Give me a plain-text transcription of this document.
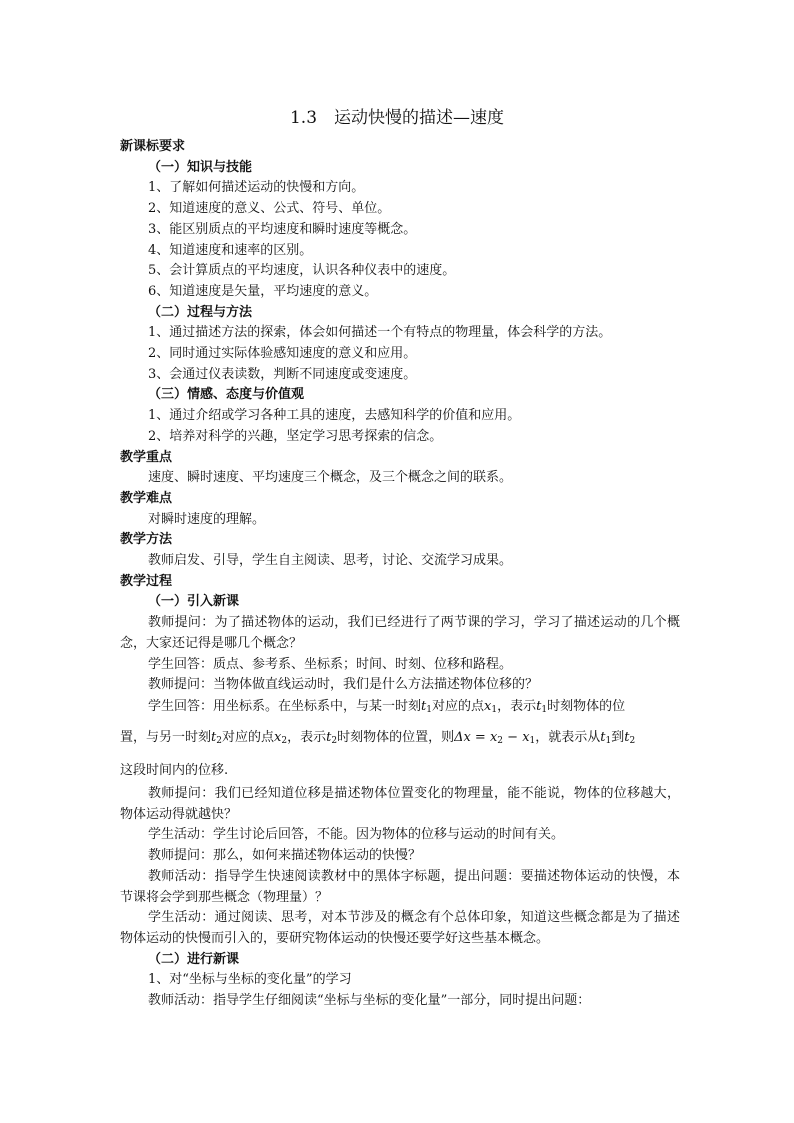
1.3　运动快慢的描述—速度
新课标要求
（一）知识与技能
1、了解如何描述运动的快慢和方向。
2、知道速度的意义、公式、符号、单位。
3、能区别质点的平均速度和瞬时速度等概念。
4、知道速度和速率的区别。
5、会计算质点的平均速度，认识各种仪表中的速度。
6、知道速度是矢量，平均速度的意义。
（二）过程与方法
1、通过描述方法的探索，体会如何描述一个有特点的物理量，体会科学的方法。
2、同时通过实际体验感知速度的意义和应用。
3、会通过仪表读数，判断不同速度或变速度。
（三）情感、态度与价值观
1、通过介绍或学习各种工具的速度，去感知科学的价值和应用。
2、培养对科学的兴趣，坚定学习思考探索的信念。
教学重点
速度、瞬时速度、平均速度三个概念，及三个概念之间的联系。
教学难点
对瞬时速度的理解。
教学方法
教师启发、引导，学生自主阅读、思考，讨论、交流学习成果。
教学过程
（一）引入新课
教师提问：为了描述物体的运动，我们已经进行了两节课的学习，学习了描述运动的几个概念，大家还记得是哪几个概念？
学生回答：质点、参考系、坐标系；时间、时刻、位移和路程。
教师提问：当物体做直线运动时，我们是什么方法描述物体位移的？
学生回答：用坐标系。在坐标系中，与某一时刻$t_1$对应的点$x_1$，表示$t_1$时刻物体的位
置，与另一时刻$t_2$对应的点$x_2$，表示$t_2$时刻物体的位置，则$\Delta x = x_2 - x_1$，就表示从$t_1$到$t_2$
这段时间内的位移.
教师提问：我们已经知道位移是描述物体位置变化的物理量，能不能说，物体的位移越大，物体运动得就越快？
学生活动：学生讨论后回答，不能。因为物体的位移与运动的时间有关。
教师提问：那么，如何来描述物体运动的快慢？
教师活动：指导学生快速阅读教材中的黑体字标题，提出问题：要描述物体运动的快慢，本节课将会学到那些概念（物理量）？
学生活动：通过阅读、思考，对本节涉及的概念有个总体印象，知道这些概念都是为了描述物体运动的快慢而引入的，要研究物体运动的快慢还要学好这些基本概念。
（二）进行新课
1、对“坐标与坐标的变化量”的学习
教师活动：指导学生仔细阅读“坐标与坐标的变化量”一部分，同时提出问题：
